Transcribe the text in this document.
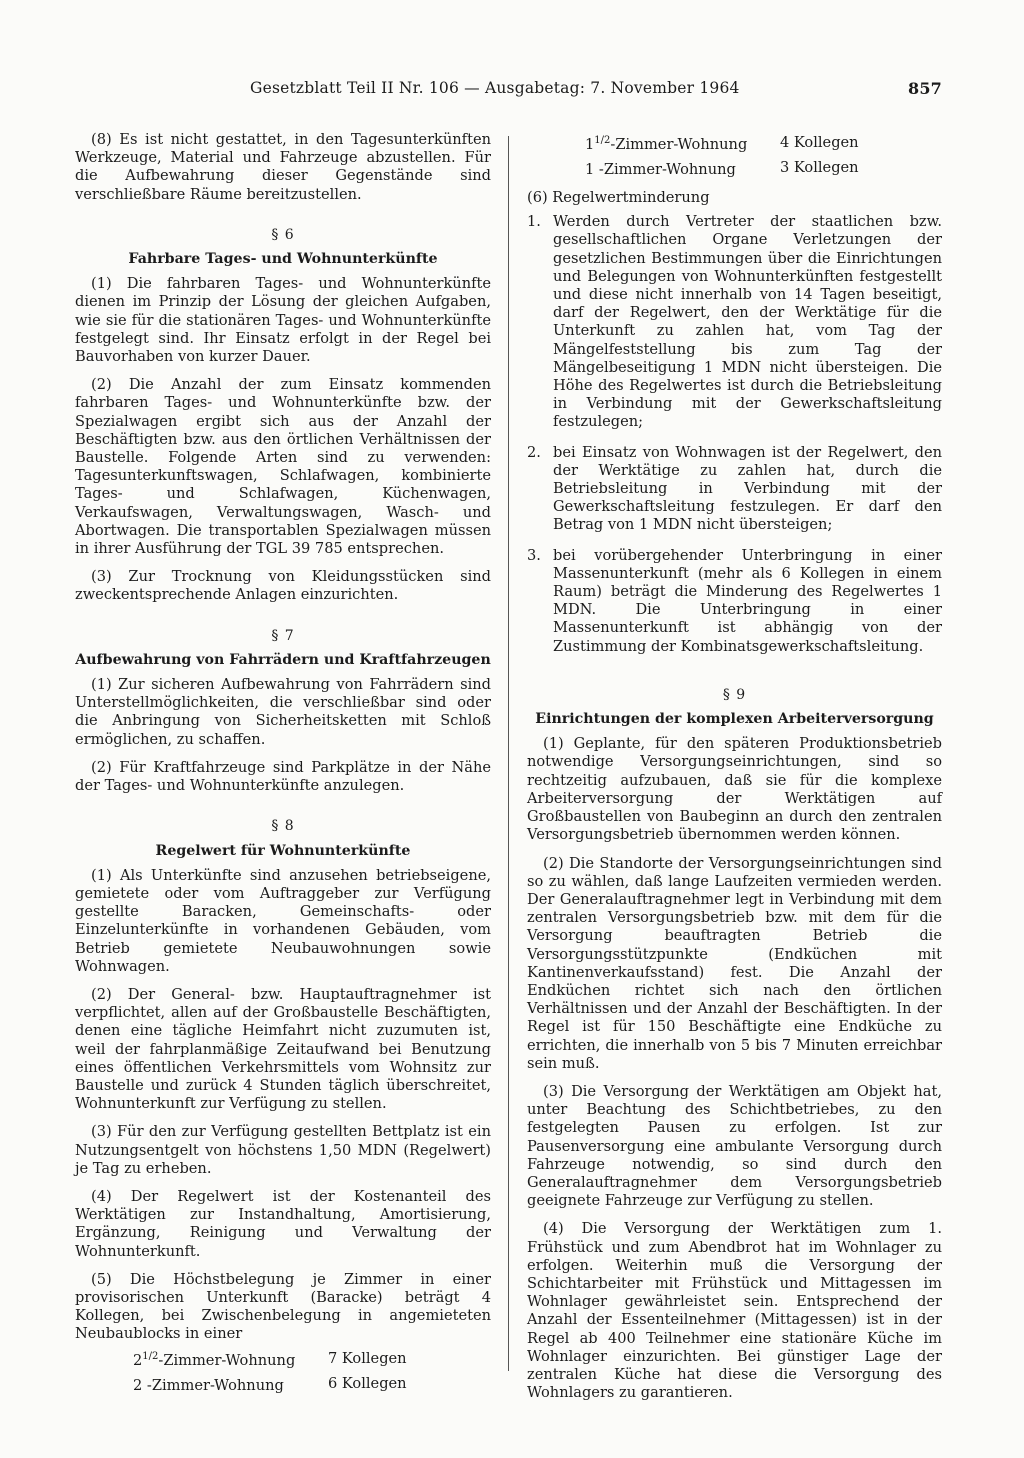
Gesetzblatt Teil II Nr. 106 — Ausgabetag: 7. November 1964	857

(8) Es ist nicht gestattet, in den Tagesunterkünften Werkzeuge, Material und Fahrzeuge abzustellen. Für die Aufbewahrung dieser Gegenstände sind verschließbare Räume bereitzustellen.

§ 6
Fahrbare Tages- und Wohnunterkünfte

(1) Die fahrbaren Tages- und Wohnunterkünfte dienen im Prinzip der Lösung der gleichen Aufgaben, wie sie für die stationären Tages- und Wohnunterkünfte festgelegt sind. Ihr Einsatz erfolgt in der Regel bei Bauvorhaben von kurzer Dauer.

(2) Die Anzahl der zum Einsatz kommenden fahrbaren Tages- und Wohnunterkünfte bzw. der Spezialwagen ergibt sich aus der Anzahl der Beschäftigten bzw. aus den örtlichen Verhältnissen der Baustelle. Folgende Arten sind zu verwenden: Tagesunterkunftswagen, Schlafwagen, kombinierte Tages- und Schlafwagen, Küchenwagen, Verkaufswagen, Verwaltungswagen, Wasch- und Abortwagen. Die transportablen Spezialwagen müssen in ihrer Ausführung der TGL 39 785 entsprechen.

(3) Zur Trocknung von Kleidungsstücken sind zweckentsprechende Anlagen einzurichten.

§ 7
Aufbewahrung von Fahrrädern und Kraftfahrzeugen

(1) Zur sicheren Aufbewahrung von Fahrrädern sind Unterstellmöglichkeiten, die verschließbar sind oder die Anbringung von Sicherheitsketten mit Schloß ermöglichen, zu schaffen.

(2) Für Kraftfahrzeuge sind Parkplätze in der Nähe der Tages- und Wohnunterkünfte anzulegen.

§ 8
Regelwert für Wohnunterkünfte

(1) Als Unterkünfte sind anzusehen betriebseigene, gemietete oder vom Auftraggeber zur Verfügung gestellte Baracken, Gemeinschafts- oder Einzelunterkünfte in vorhandenen Gebäuden, vom Betrieb gemietete Neubauwohnungen sowie Wohnwagen.

(2) Der General- bzw. Hauptauftragnehmer ist verpflichtet, allen auf der Großbaustelle Beschäftigten, denen eine tägliche Heimfahrt nicht zuzumuten ist, weil der fahrplanmäßige Zeitaufwand bei Benutzung eines öffentlichen Verkehrsmittels vom Wohnsitz zur Baustelle und zurück 4 Stunden täglich überschreitet, Wohnunterkunft zur Verfügung zu stellen.

(3) Für den zur Verfügung gestellten Bettplatz ist ein Nutzungsentgelt von höchstens 1,50 MDN (Regelwert) je Tag zu erheben.

(4) Der Regelwert ist der Kostenanteil des Werktätigen zur Instandhaltung, Amortisierung, Ergänzung, Reinigung und Verwaltung der Wohnunterkunft.

(5) Die Höchstbelegung je Zimmer in einer provisorischen Unterkunft (Baracke) beträgt 4 Kollegen, bei Zwischenbelegung in angemieteten Neubaublocks in einer

$2^{1/2}-Zimmer$-Wohnung	7 Kollegen
2 -Zimmer-Wohnung	6 Kollegen
$1^{1/2}-Zimmer$-Wohnung	4 Kollegen
1 -Zimmer-Wohnung	3 Kollegen

(6) Regelwertminderung

1. Werden durch Vertreter der staatlichen bzw. gesellschaftlichen Organe Verletzungen der gesetzlichen Bestimmungen über die Einrichtungen und Belegungen von Wohnunterkünften festgestellt und diese nicht innerhalb von 14 Tagen beseitigt, darf der Regelwert, den der Werktätige für die Unterkunft zu zahlen hat, vom Tag der Mängelfeststellung bis zum Tag der Mängelbeseitigung 1 MDN nicht übersteigen. Die Höhe des Regelwertes ist durch die Betriebsleitung in Verbindung mit der Gewerkschaftsleitung festzulegen;
2. bei Einsatz von Wohnwagen ist der Regelwert, den der Werktätige zu zahlen hat, durch die Betriebsleitung in Verbindung mit der Gewerkschaftsleitung festzulegen. Er darf den Betrag von 1 MDN nicht übersteigen;
3. bei vorübergehender Unterbringung in einer Massenunterkunft (mehr als 6 Kollegen in einem Raum) beträgt die Minderung des Regelwertes 1 MDN. Die Unterbringung in einer Massenunterkunft ist abhängig von der Zustimmung der Kombinatsgewerkschaftsleitung.
§ 9
Einrichtungen der komplexen Arbeiterversorgung

(1) Geplante, für den späteren Produktionsbetrieb notwendige Versorgungseinrichtungen, sind so rechtzeitig aufzubauen, daß sie für die komplexe Arbeiterversorgung der Werktätigen auf Großbaustellen von Baubeginn an durch den zentralen Versorgungsbetrieb übernommen werden können.

(2) Die Standorte der Versorgungseinrichtungen sind so zu wählen, daß lange Laufzeiten vermieden werden. Der Generalauftragnehmer legt in Verbindung mit dem zentralen Versorgungsbetrieb bzw. mit dem für die Versorgung beauftragten Betrieb die Versorgungsstützpunkte (Endküchen mit Kantinenverkaufsstand) fest. Die Anzahl der Endküchen richtet sich nach den örtlichen Verhältnissen und der Anzahl der Beschäftigten. In der Regel ist für 150 Beschäftigte eine Endküche zu errichten, die innerhalb von 5 bis 7 Minuten erreichbar sein muß.

(3) Die Versorgung der Werktätigen am Objekt hat, unter Beachtung des Schichtbetriebes, zu den festgelegten Pausen zu erfolgen. Ist zur Pausenversorgung eine ambulante Versorgung durch Fahrzeuge notwendig, so sind durch den Generalauftragnehmer dem Versorgungsbetrieb geeignete Fahrzeuge zur Verfügung zu stellen.

(4) Die Versorgung der Werktätigen zum 1. Frühstück und zum Abendbrot hat im Wohnlager zu erfolgen. Weiterhin muß die Versorgung der Schichtarbeiter mit Frühstück und Mittagessen im Wohnlager gewährleistet sein. Entsprechend der Anzahl der Essenteilnehmer (Mittagessen) ist in der Regel ab 400 Teilnehmer eine stationäre Küche im Wohnlager einzurichten. Bei günstiger Lage der zentralen Küche hat diese die Versorgung des Wohnlagers zu garantieren.
